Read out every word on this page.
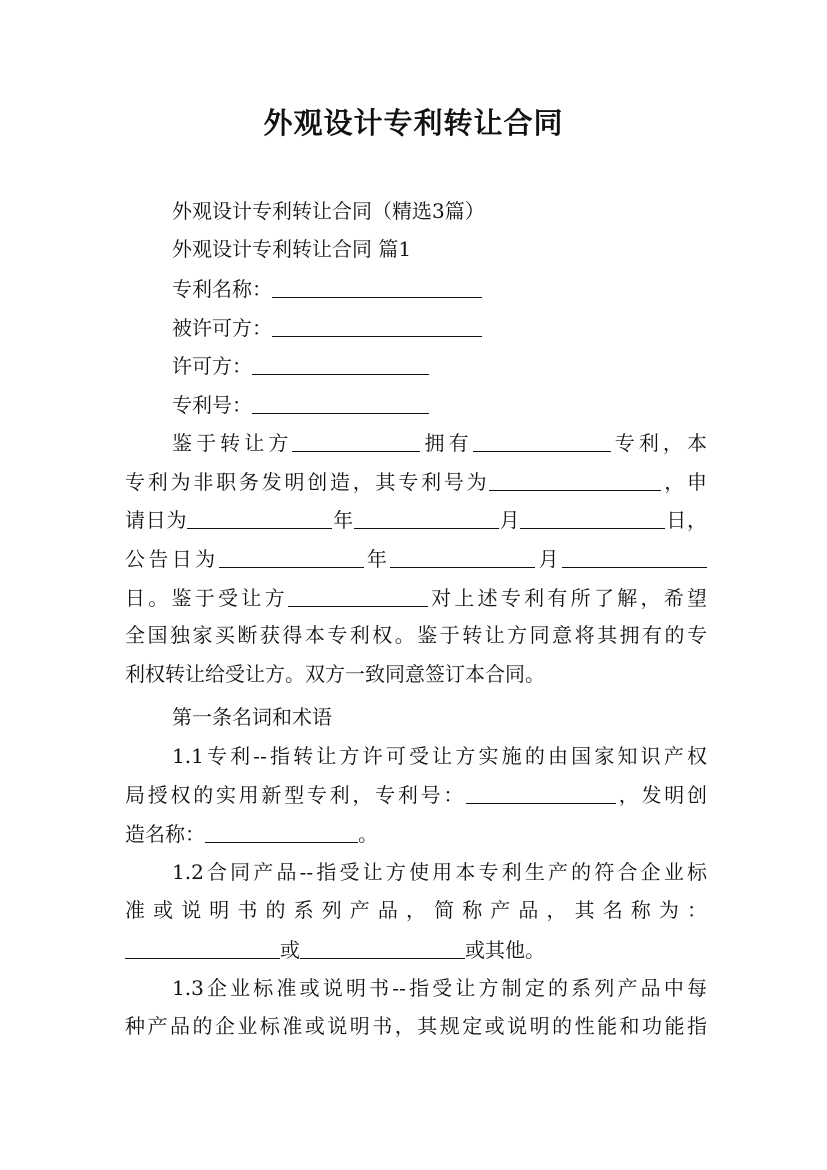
外观设计专利转让合同
外观设计专利转让合同（精选3篇）
外观设计专利转让合同 篇1
专利名称：
被许可方：
许可方：
专利号：
鉴于转让方	拥有	专利，本
专利为非职务发明创造，其专利号为	，申
请日为	年	月	日，
公告日为	年	月
日。鉴于受让方	对上述专利有所了解，希望
全国独家买断获得本专利权。鉴于转让方同意将其拥有的专
利权转让给受让方。双方一致同意签订本合同。
第一条名词和术语
1.1专利--指转让方许可受让方实施的由国家知识产权
局授权的实用新型专利，专利号：	，发明创
造名称：	。
1.2合同产品--指受让方使用本专利生产的符合企业标
准或说明书的系列产品，简称产品，其名称为：
或	或其他。
1.3企业标准或说明书--指受让方制定的系列产品中每
种产品的企业标准或说明书，其规定或说明的性能和功能指
